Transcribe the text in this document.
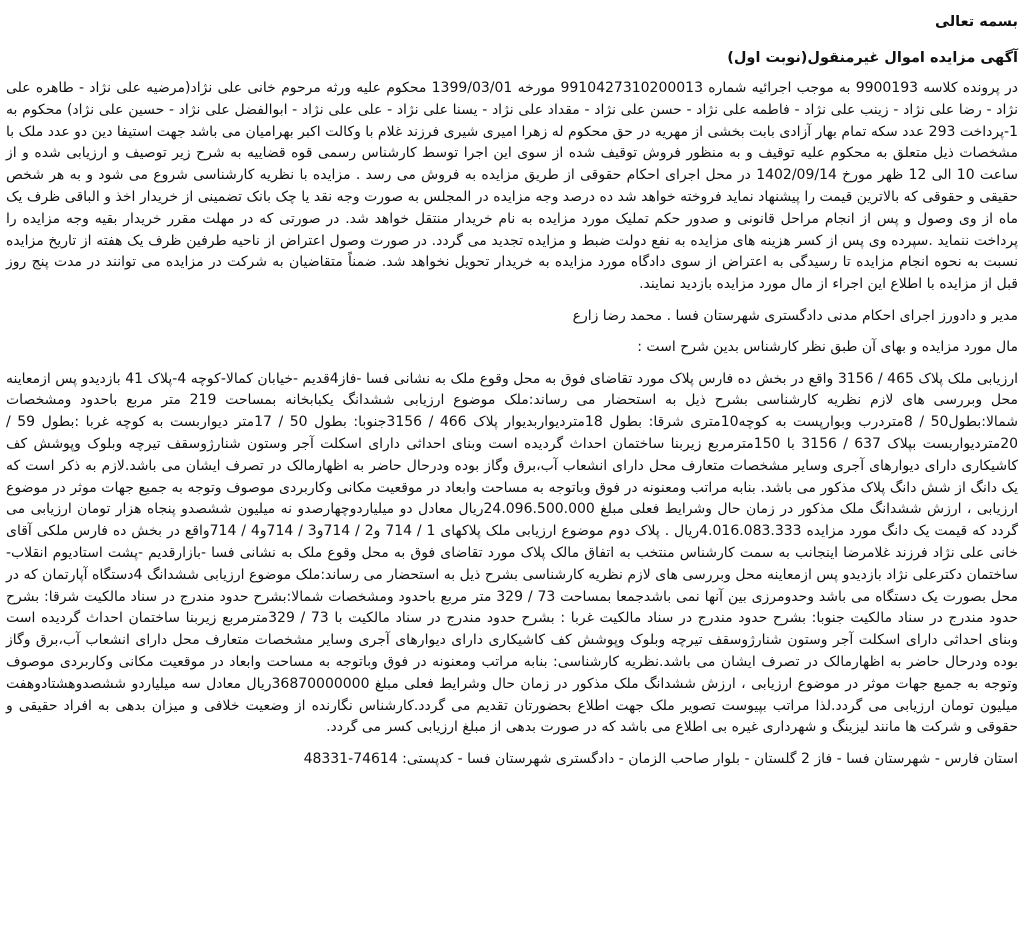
بسمه تعالی

آگهی مزایده اموال غیرمنقول(نوبت اول)

در پرونده کلاسه 9900193 به موجب اجرائیه شماره 9910427310200013 مورخه 1399/03/01 محکوم علیه ورثه مرحوم خانی علی نژاد(مرضیه علی نژاد - طاهره علی نژاد - رضا علی نژاد - زینب علی نژاد - فاطمه علی نژاد - حسن علی نژاد - مقداد علی نژاد - یسنا علی نژاد - علی علی نژاد - ابوالفضل علی نژاد - حسین علی نژاد) محکوم به 1-پرداخت 293 عدد سکه تمام بهار آزادی بابت بخشی از مهریه در حق محکوم له زهرا امیری شیری فرزند غلام با وکالت اکبر بهرامیان می باشد جهت استیفا دین دو عدد ملک با مشخصات ذیل متعلق به محکوم علیه توقیف و به منظور فروش توقیف شده از سوی این اجرا توسط کارشناس رسمی قوه قضاییه به شرح زیر توصیف و ارزیابی شده و از ساعت 10 الی 12 ظهر مورخ 1402/09/14 در محل اجرای احکام حقوقی از طریق مزایده به فروش می رسد . مزایده با نظریه کارشناسی شروع می شود و به هر شخص حقیقی و حقوقی که بالاترین قیمت را پیشنهاد نماید فروخته خواهد شد ده درصد وجه مزایده در المجلس به صورت وجه نقد یا چک بانک تضمینی از خریدار اخذ و الباقی ظرف یک ماه از وی وصول و پس از انجام مراحل قانونی و صدور حکم تملیک مورد مزایده به نام خریدار منتقل خواهد شد. در صورتی که در مهلت مقرر خریدار بقیه وجه مزایده را پرداخت ننماید .سپرده وی پس از کسر هزینه های مزایده به نفع دولت ضبط و مزایده تجدید می گردد. در صورت وصول اعتراض از ناحیه طرفین ظرف یک هفته از تاریخ مزایده نسبت به نحوه انجام مزایده تا رسیدگی به اعتراض از سوی دادگاه مورد مزایده به خریدار تحویل نخواهد شد. ضمناً متقاضیان به شرکت در مزایده می توانند در مدت پنج روز قبل از مزایده با اطلاع این اجراء از مال مورد مزایده بازدید نمایند.

مدیر و دادورز اجرای احکام مدنی دادگستری شهرستان فسا . محمد رضا زارع

مال مورد مزایده و بهای آن طبق نظر کارشناس بدین شرح است :

ارزیابی ملک پلاک 465 / 3156 واقع در بخش ده فارس پلاک مورد تقاضای فوق به محل وقوع ملک به نشانی فسا -فاز4قدیم -خیابان کمالا-کوچه 4-پلاک 41 بازدیدو پس ازمعاینه محل وبررسی های لازم نظریه کارشناسی بشرح ذیل به استحضار می رساند:ملک موضوع ارزیابی ششدانگ یکبابخانه بمساحت 219 متر مربع باحدود ومشخصات شمالا:بطول50 / 8متردرب وبوارپست به کوچه10متری شرقا: بطول 18متردیواربدیوار پلاک 466 / 3156جنوبا: بطول 50 / 17متر دیواربست به کوچه غربا :بطول 59 / 20متردیواربست بپلاک 637 / 3156 با 150مترمربع زیربنا ساختمان احداث گردیده است وبنای احداثی دارای اسکلت آجر وستون شنارژوسقف تیرچه وبلوک وپوشش کف کاشیکاری دارای دیوارهای آجری وسایر مشخصات متعارف محل دارای انشعاب آب،برق وگاز بوده ودرحال حاضر به اظهارمالک در تصرف ایشان می باشد.لازم به ذکر است که یک دانگ از شش دانگ پلاک مذکور می باشد. بنابه مراتب ومعنونه در فوق وباتوجه به مساحت وابعاد در موقعیت مکانی وکاربردی موصوف وتوجه به جمیع جهات موثر در موضوع ارزیابی ، ارزش ششدانگ ملک مذکور در زمان حال وشرایط فعلی مبلغ 24.096.500.000ریال معادل دو میلیاردوچهارصدو نه میلیون ششصدو پنجاه هزار تومان ارزیابی می گردد که قیمت یک دانگ مورد مزایده 4.016.083.333ریال . پلاک دوم موضوع ارزیابی ملک پلاکهای 1 / 714 و2 / 714و3 / 714و4 / 714واقع در بخش ده فارس ملکی آقای خانی علی نژاد فرزند غلامرضا اینجانب به سمت کارشناس منتخب به اتفاق مالک پلاک مورد تقاضای فوق به محل وقوع ملک به نشانی فسا -بازارقدیم -پشت استادیوم انقلاب-ساختمان دکترعلی نژاد بازدیدو پس ازمعاینه محل وبررسی های لازم نظریه کارشناسی بشرح ذیل به استحضار می رساند:ملک موضوع ارزیابی ششدانگ 4دستگاه آپارتمان که در محل بصورت یک دستگاه می باشد وحدومرزی بین آنها نمی باشدجمعا بمساحت 73 / 329 متر مربع باحدود ومشخصات شمالا:بشرح حدود مندرج در سناد مالکیت شرقا: بشرح حدود مندرج در سناد مالکیت جنوبا: بشرح حدود مندرج در سناد مالکیت غربا : بشرح حدود مندرج در سناد مالکیت با 73 / 329مترمربع زیربنا ساختمان احداث گردیده است وبنای احداثی دارای اسکلت آجر وستون شنارژوسقف تیرچه وبلوک وپوشش کف کاشیکاری دارای دیوارهای آجری وسایر مشخصات متعارف محل دارای انشعاب آب،برق وگاز بوده ودرحال حاضر به اظهارمالک در تصرف ایشان می باشد.نظریه کارشناسی: بنابه مراتب ومعنونه در فوق وباتوجه به مساحت وابعاد در موقعیت مکانی وکاربردی موصوف وتوجه به جمیع جهات موثر در موضوع ارزیابی ، ارزش ششدانگ ملک مذکور در زمان حال وشرایط فعلی مبلغ 36870000000ریال معادل سه میلیاردو ششصدوهشتادوهفت میلیون تومان ارزیابی می گردد.لذا مراتب بپیوست تصویر ملک جهت اطلاع بحضورتان تقدیم می گردد.کارشناس نگارنده از وضعیت خلافی و میزان بدهی به افراد حقیقی و حقوقی و شرکت ها مانند لیزینگ و شهرداری غیره بی اطلاع می باشد که در صورت بدهی از مبلغ ارزیابی کسر می گردد.

استان فارس - شهرستان فسا - فاز 2 گلستان - بلوار صاحب الزمان - دادگستری شهرستان فسا - کدپستی: 74614-48331
